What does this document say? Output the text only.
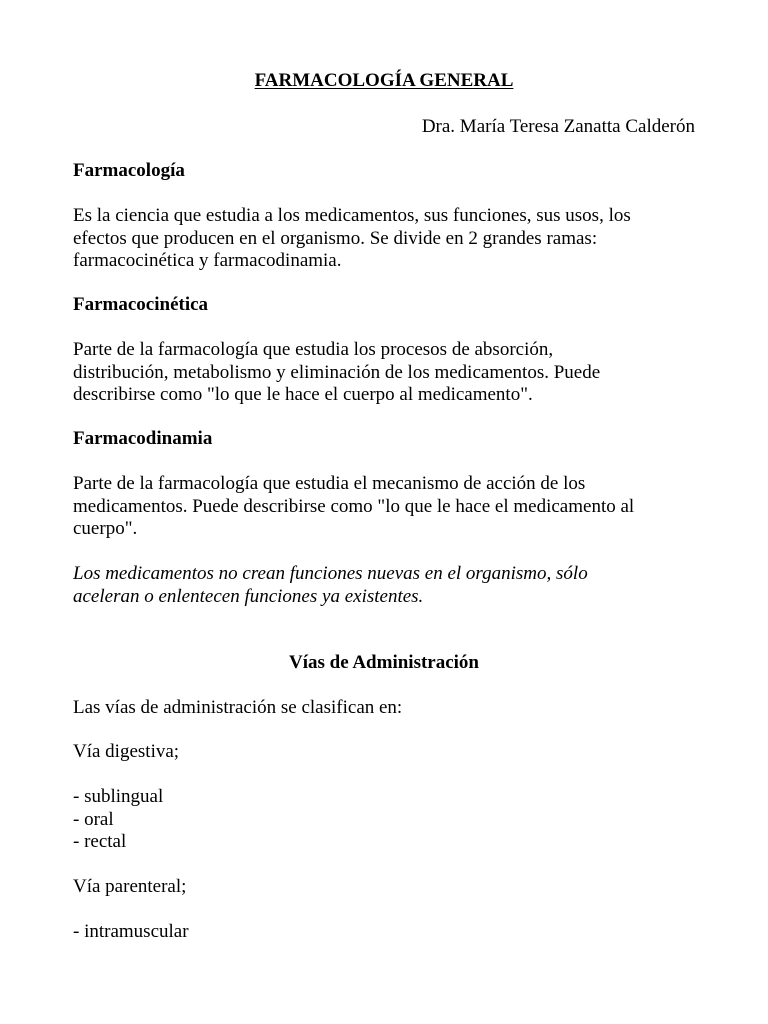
FARMACOLOGÍA GENERAL

Dra. María Teresa Zanatta Calderón

Farmacología
Es la ciencia que estudia a los medicamentos, sus funciones, sus usos, los
efectos que producen en el organismo. Se divide en 2 grandes ramas:
farmacocinética y farmacodinamia.
Farmacocinética
Parte de la farmacología que estudia los procesos de absorción,
distribución, metabolismo y eliminación de los medicamentos. Puede
describirse como "lo que le hace el cuerpo al medicamento".
Farmacodinamia
Parte de la farmacología que estudia el mecanismo de acción de los
medicamentos. Puede describirse como "lo que le hace el medicamento al
cuerpo".
Los medicamentos no crean funciones nuevas en el organismo, sólo
aceleran o enlentecen funciones ya existentes.
Vías de Administración

Las vías de administración se clasifican en:

Vía digestiva;

- sublingual
- oral
- rectal

Vía parenteral;

- intramuscular
